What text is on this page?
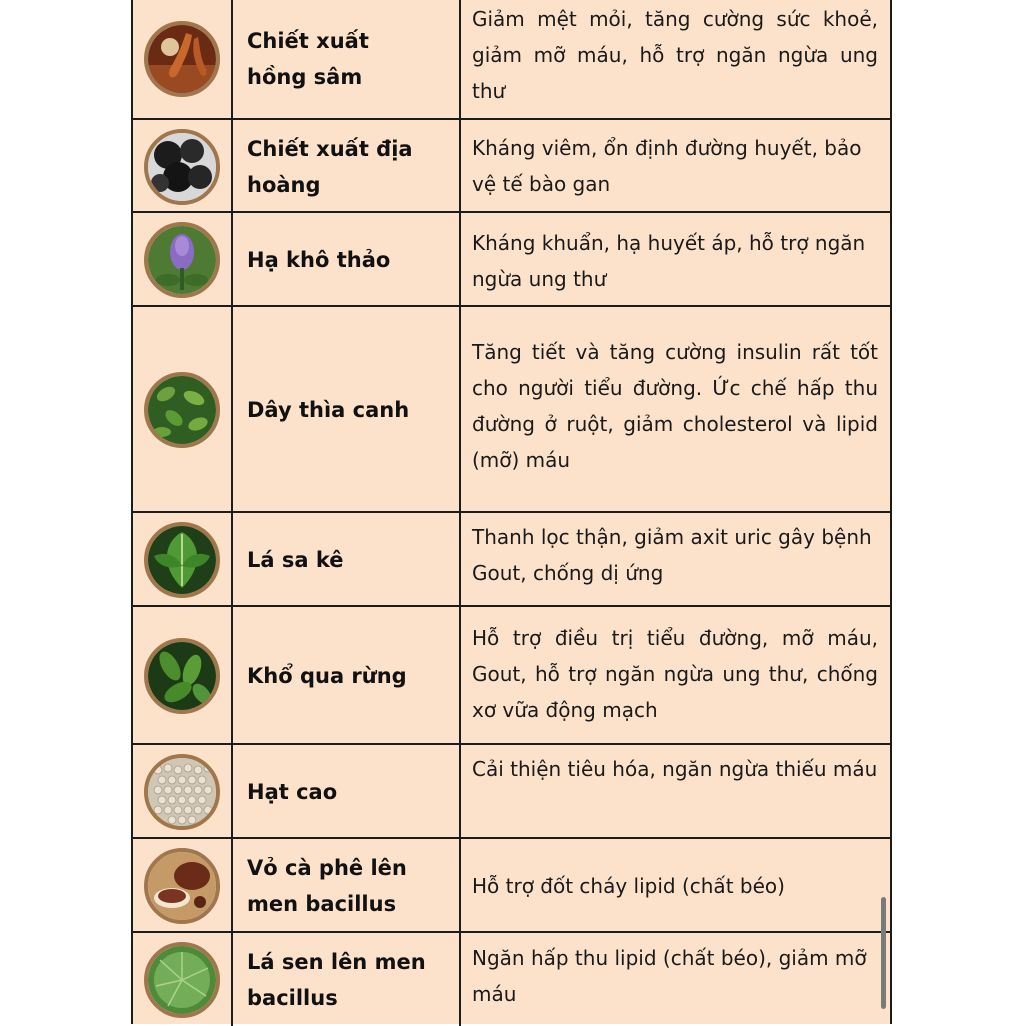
Chiết xuất
hồng sâm

Giảm mệt mỏi, tăng cường sức khoẻ, giảm mỡ máu, hỗ trợ ngăn ngừa ung thư

Chiết xuất địa
hoàng

Kháng viêm, ổn định đường huyết, bảo vệ tế bào gan

Hạ khô thảo

Kháng khuẩn, hạ huyết áp, hỗ trợ ngăn ngừa ung thư

Dây thìa canh

Tăng tiết và tăng cường insulin rất tốt cho người tiểu đường. Ức chế hấp thu đường ở ruột, giảm cholesterol và lipid (mỡ) máu

Lá sa kê

Thanh lọc thận, giảm axit uric gây bệnh Gout, chống dị ứng

Khổ qua rừng

Hỗ trợ điều trị tiểu đường, mỡ máu, Gout, hỗ trợ ngăn ngừa ung thư, chống xơ vữa động mạch

Hạt cao

Cải thiện tiêu hóa, ngăn ngừa thiếu máu

Vỏ cà phê lên
men bacillus

Hỗ trợ đốt cháy lipid (chất béo)

Lá sen lên men
bacillus

Ngăn hấp thu lipid (chất béo), giảm mỡ máu
